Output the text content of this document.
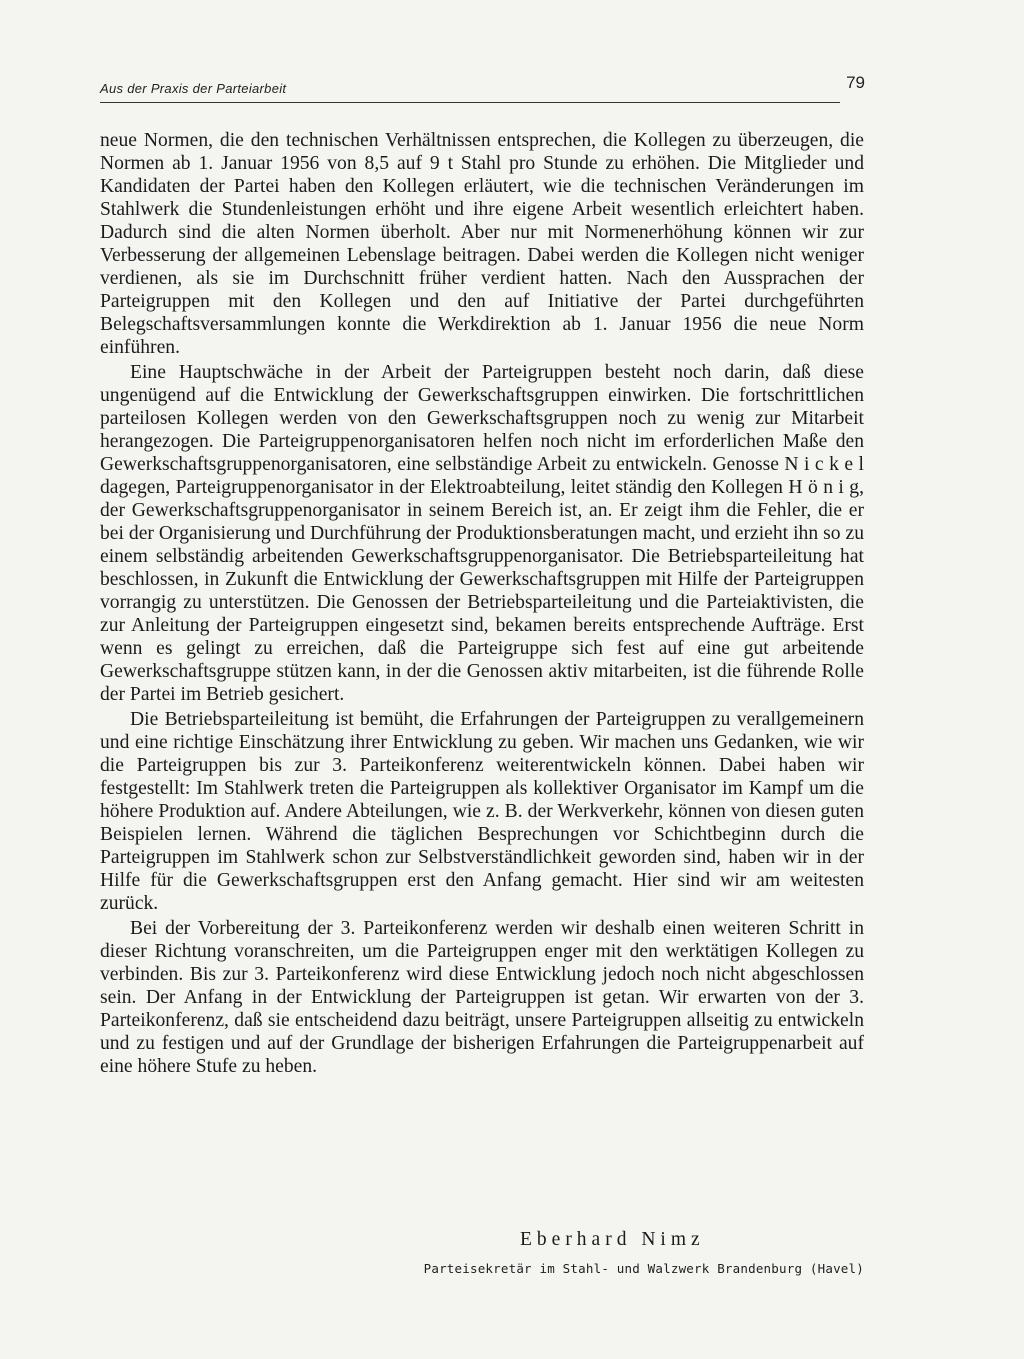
Aus der Praxis der Parteiarbeit	79

neue Normen, die den technischen Verhältnissen entsprechen, die Kollegen zu überzeugen, die Normen ab 1. Januar 1956 von 8,5 auf 9 t Stahl pro Stunde zu erhöhen. Die Mitglieder und Kandidaten der Partei haben den Kollegen erläutert, wie die technischen Veränderungen im Stahlwerk die Stundenleistungen erhöht und ihre eigene Arbeit wesentlich erleichtert haben. Dadurch sind die alten Normen überholt. Aber nur mit Normenerhöhung können wir zur Verbesserung der allgemeinen Lebenslage beitragen. Dabei werden die Kollegen nicht weniger verdienen, als sie im Durchschnitt früher verdient hatten. Nach den Aussprachen der Parteigruppen mit den Kollegen und den auf Initiative der Partei durchgeführten Belegschaftsversammlungen konnte die Werkdirektion ab 1. Januar 1956 die neue Norm einführen.

Eine Hauptschwäche in der Arbeit der Parteigruppen besteht noch darin, daß diese ungenügend auf die Entwicklung der Gewerkschaftsgruppen einwirken. Die fortschrittlichen parteilosen Kollegen werden von den Gewerkschaftsgruppen noch zu wenig zur Mitarbeit herangezogen. Die Parteigruppenorganisatoren helfen noch nicht im erforderlichen Maße den Gewerkschaftsgruppenorganisatoren, eine selbständige Arbeit zu entwickeln. Genosse N i c k e l dagegen, Parteigruppenorganisator in der Elektroabteilung, leitet ständig den Kollegen H ö n i g, der Gewerkschaftsgruppenorganisator in seinem Bereich ist, an. Er zeigt ihm die Fehler, die er bei der Organisierung und Durchführung der Produktionsberatungen macht, und erzieht ihn so zu einem selbständig arbeitenden Gewerkschaftsgruppenorganisator. Die Betriebsparteileitung hat beschlossen, in Zukunft die Entwicklung der Gewerkschaftsgruppen mit Hilfe der Parteigruppen vorrangig zu unterstützen. Die Genossen der Betriebsparteileitung und die Parteiaktivisten, die zur Anleitung der Parteigruppen eingesetzt sind, bekamen bereits entsprechende Aufträge. Erst wenn es gelingt zu erreichen, daß die Parteigruppe sich fest auf eine gut arbeitende Gewerkschaftsgruppe stützen kann, in der die Genossen aktiv mitarbeiten, ist die führende Rolle der Partei im Betrieb gesichert.

Die Betriebsparteileitung ist bemüht, die Erfahrungen der Parteigruppen zu verallgemeinern und eine richtige Einschätzung ihrer Entwicklung zu geben. Wir machen uns Gedanken, wie wir die Parteigruppen bis zur 3. Parteikonferenz weiterentwickeln können. Dabei haben wir festgestellt: Im Stahlwerk treten die Parteigruppen als kollektiver Organisator im Kampf um die höhere Produktion auf. Andere Abteilungen, wie z. B. der Werkverkehr, können von diesen guten Beispielen lernen. Während die täglichen Besprechungen vor Schichtbeginn durch die Parteigruppen im Stahlwerk schon zur Selbstverständlichkeit geworden sind, haben wir in der Hilfe für die Gewerkschaftsgruppen erst den Anfang gemacht. Hier sind wir am weitesten zurück.

Bei der Vorbereitung der 3. Parteikonferenz werden wir deshalb einen weiteren Schritt in dieser Richtung voranschreiten, um die Parteigruppen enger mit den werktätigen Kollegen zu verbinden. Bis zur 3. Parteikonferenz wird diese Entwicklung jedoch noch nicht abgeschlossen sein. Der Anfang in der Entwicklung der Parteigruppen ist getan. Wir erwarten von der 3. Parteikonferenz, daß sie entscheidend dazu beiträgt, unsere Parteigruppen allseitig zu entwickeln und zu festigen und auf der Grundlage der bisherigen Erfahrungen die Parteigruppenarbeit auf eine höhere Stufe zu heben.

Eberhard Nimz
Parteisekretär im Stahl- und Walzwerk Brandenburg (Havel)
